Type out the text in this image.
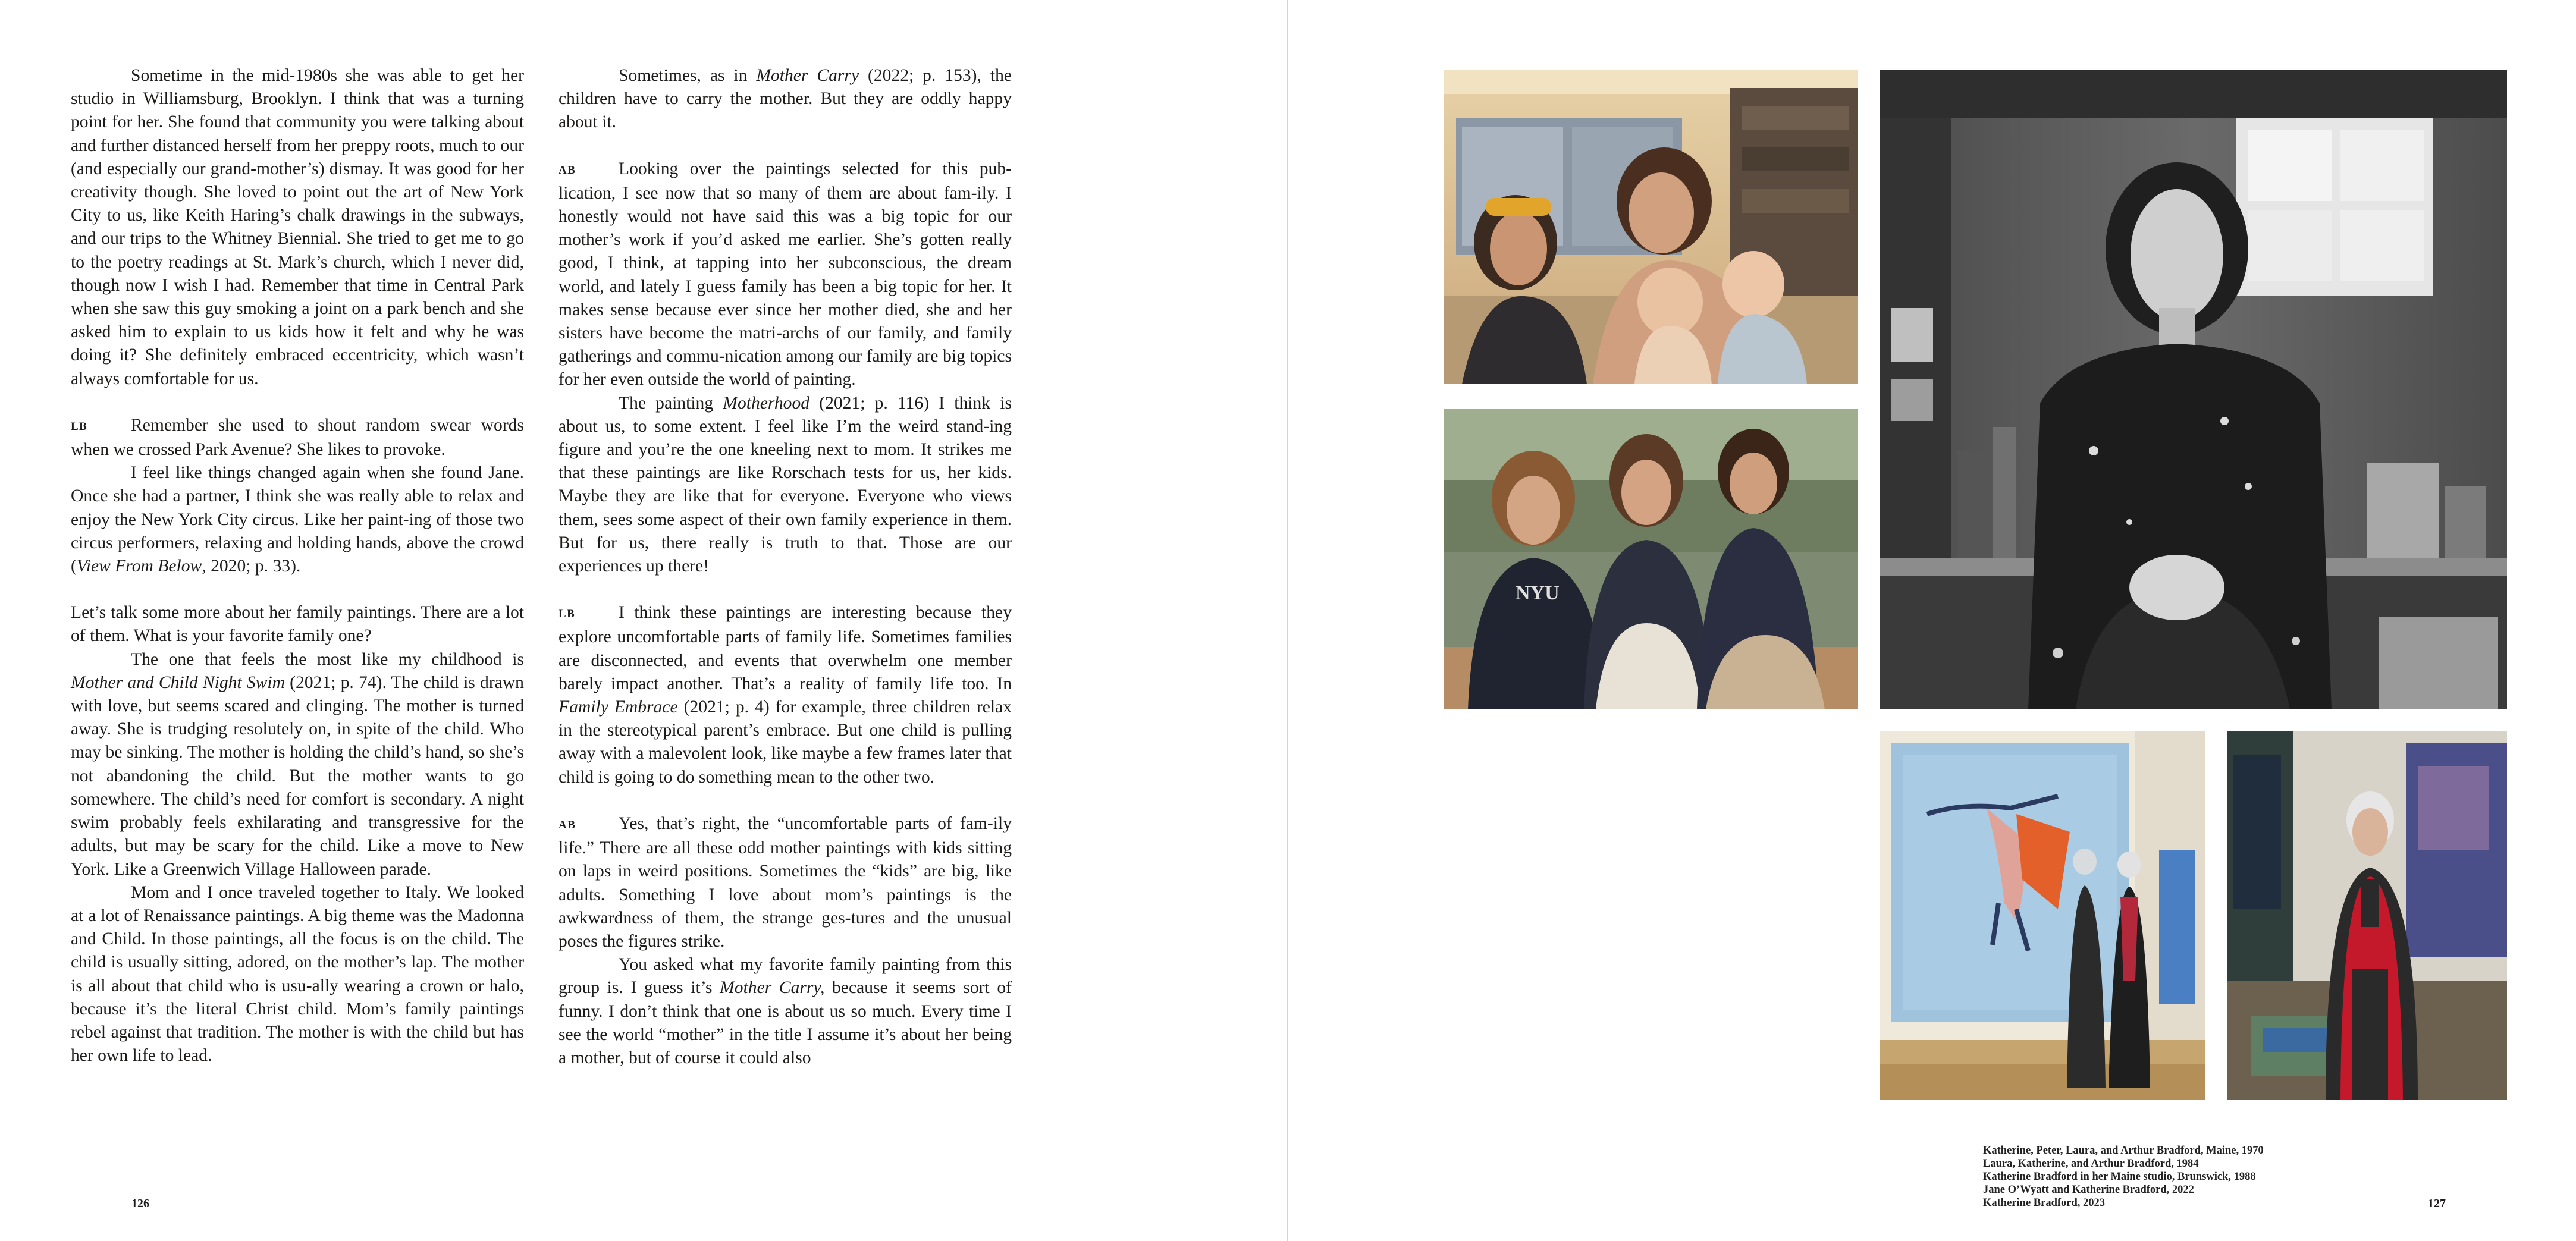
Sometime in the mid-1980s she was able to get her studio in Williamsburg, Brooklyn. I think that was a turning point for her. She found that community you were talking about and further distanced herself from her preppy roots, much to our (and especially our grand-mother’s) dismay. It was good for her creativity though. She loved to point out the art of New York City to us, like Keith Haring’s chalk drawings in the subways, and our trips to the Whitney Biennial. She tried to get me to go to the poetry readings at St. Mark’s church, which I never did, though now I wish I had. Remember that time in Central Park when she saw this guy smoking a joint on a park bench and she asked him to explain to us kids how it felt and why he was doing it? She definitely embraced eccentricity, which wasn’t always comfortable for us.

LB Remember she used to shout random swear words when we crossed Park Avenue? She likes to provoke.

I feel like things changed again when she found Jane. Once she had a partner, I think she was really able to relax and enjoy the New York City circus. Like her paint-ing of those two circus performers, relaxing and holding hands, above the crowd (View From Below, 2020; p. 33).

Let’s talk some more about her family paintings. There are a lot of them. What is your favorite family one?

The one that feels the most like my childhood is Mother and Child Night Swim (2021; p. 74). The child is drawn with love, but seems scared and clinging. The mother is turned away. She is trudging resolutely on, in spite of the child. Who may be sinking. The mother is holding the child’s hand, so she’s not abandoning the child. But the mother wants to go somewhere. The child’s need for comfort is secondary. A night swim probably feels exhilarating and transgressive for the adults, but may be scary for the child. Like a move to New York. Like a Greenwich Village Halloween parade.

Mom and I once traveled together to Italy. We looked at a lot of Renaissance paintings. A big theme was the Madonna and Child. In those paintings, all the focus is on the child. The child is usually sitting, adored, on the mother’s lap. The mother is all about that child who is usu-ally wearing a crown or halo, because it’s the literal Christ child. Mom’s family paintings rebel against that tradition. The mother is with the child but has her own life to lead.

Sometimes, as in Mother Carry (2022; p. 153), the children have to carry the mother. But they are oddly happy about it.

AB Looking over the paintings selected for this pub-lication, I see now that so many of them are about fam-ily. I honestly would not have said this was a big topic for our mother’s work if you’d asked me earlier. She’s gotten really good, I think, at tapping into her subconscious, the dream world, and lately I guess family has been a big topic for her. It makes sense because ever since her mother died, she and her sisters have become the matri-archs of our family, and family gatherings and commu-nication among our family are big topics for her even outside the world of painting.

The painting Motherhood (2021; p. 116) I think is about us, to some extent. I feel like I’m the weird stand-ing figure and you’re the one kneeling next to mom. It strikes me that these paintings are like Rorschach tests for us, her kids. Maybe they are like that for everyone. Everyone who views them, sees some aspect of their own family experience in them. But for us, there really is truth to that. Those are our experiences up there!

LB I think these paintings are interesting because they explore uncomfortable parts of family life. Sometimes families are disconnected, and events that overwhelm one member barely impact another. That’s a reality of family life too. In Family Embrace (2021; p. 4) for example, three children relax in the stereotypical parent’s embrace. But one child is pulling away with a malevolent look, like maybe a few frames later that child is going to do something mean to the other two.

AB Yes, that’s right, the “uncomfortable parts of fam-ily life.” There are all these odd mother paintings with kids sitting on laps in weird positions. Sometimes the “kids” are big, like adults. Something I love about mom’s paintings is the awkwardness of them, the strange ges-tures and the unusual poses the figures strike.

You asked what my favorite family painting from this group is. I guess it’s Mother Carry, because it seems sort of funny. I don’t think that one is about us so much. Every time I see the world “mother” in the title I assume it’s about her being a mother, but of course it could also

126
NYU
Katherine, Peter, Laura, and Arthur Bradford, Maine, 1970
Laura, Katherine, and Arthur Bradford, 1984
Katherine Bradford in her Maine studio, Brunswick, 1988
Jane O’Wyatt and Katherine Bradford, 2022
Katherine Bradford, 2023	127
